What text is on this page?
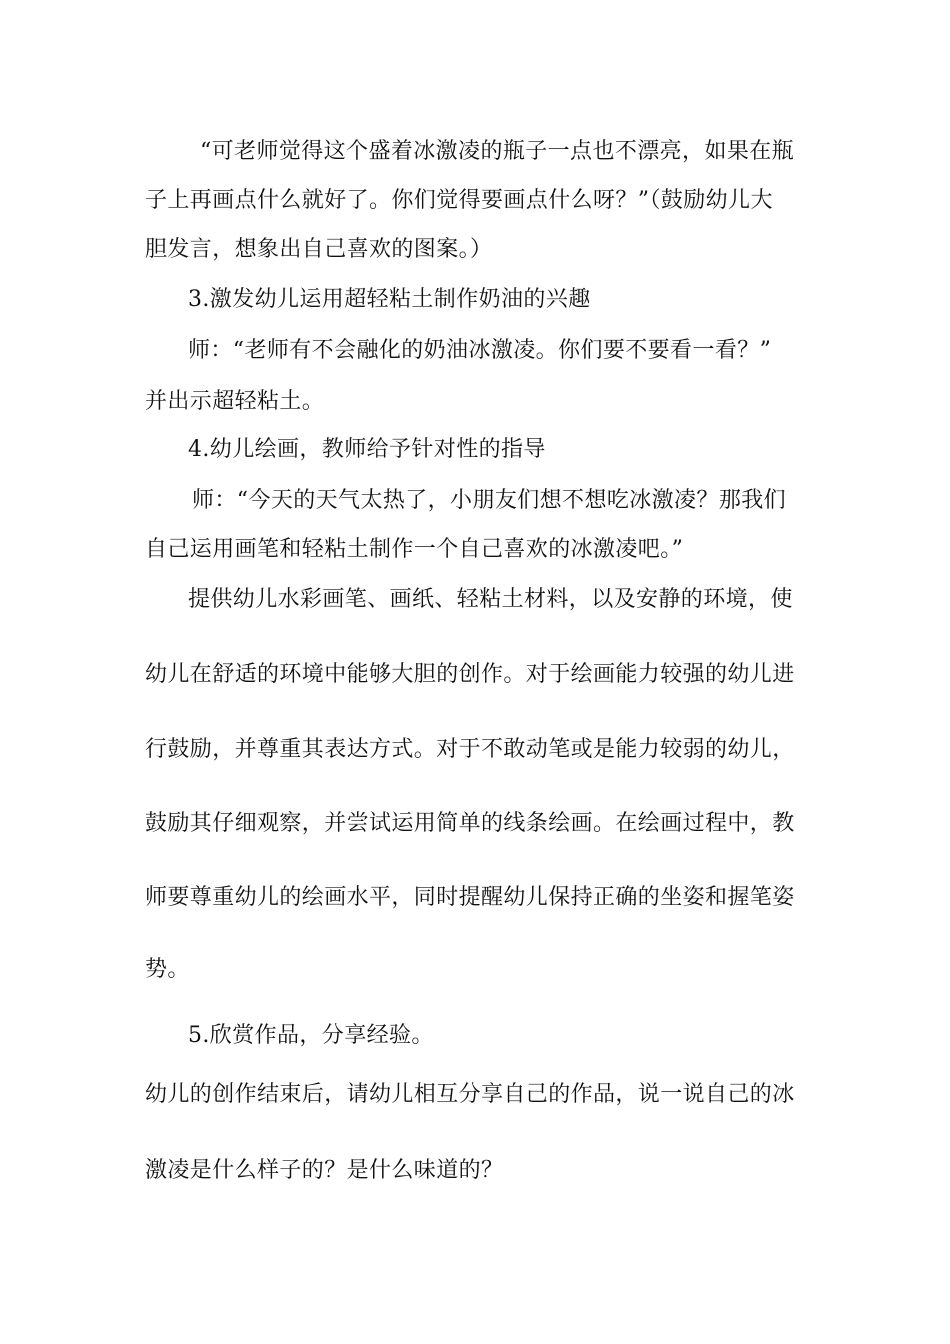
“可老师觉得这个盛着冰激凌的瓶子一点也不漂亮，如果在瓶
子上再画点什么就好了。你们觉得要画点什么呀？”（鼓励幼儿大
胆发言，想象出自己喜欢的图案。）
3.激发幼儿运用超轻粘土制作奶油的兴趣
师：“老师有不会融化的奶油冰激凌。你们要不要看一看？”
并出示超轻粘土。
4.幼儿绘画，教师给予针对性的指导
师：“今天的天气太热了，小朋友们想不想吃冰激凌？那我们
自己运用画笔和轻粘土制作一个自己喜欢的冰激凌吧。”
提供幼儿水彩画笔、画纸、轻粘土材料，以及安静的环境，使
幼儿在舒适的环境中能够大胆的创作。对于绘画能力较强的幼儿进
行鼓励，并尊重其表达方式。对于不敢动笔或是能力较弱的幼儿，
鼓励其仔细观察，并尝试运用简单的线条绘画。在绘画过程中，教
师要尊重幼儿的绘画水平，同时提醒幼儿保持正确的坐姿和握笔姿
势。
5.欣赏作品，分享经验。
幼儿的创作结束后，请幼儿相互分享自己的作品，说一说自己的冰
激凌是什么样子的？是什么味道的？
